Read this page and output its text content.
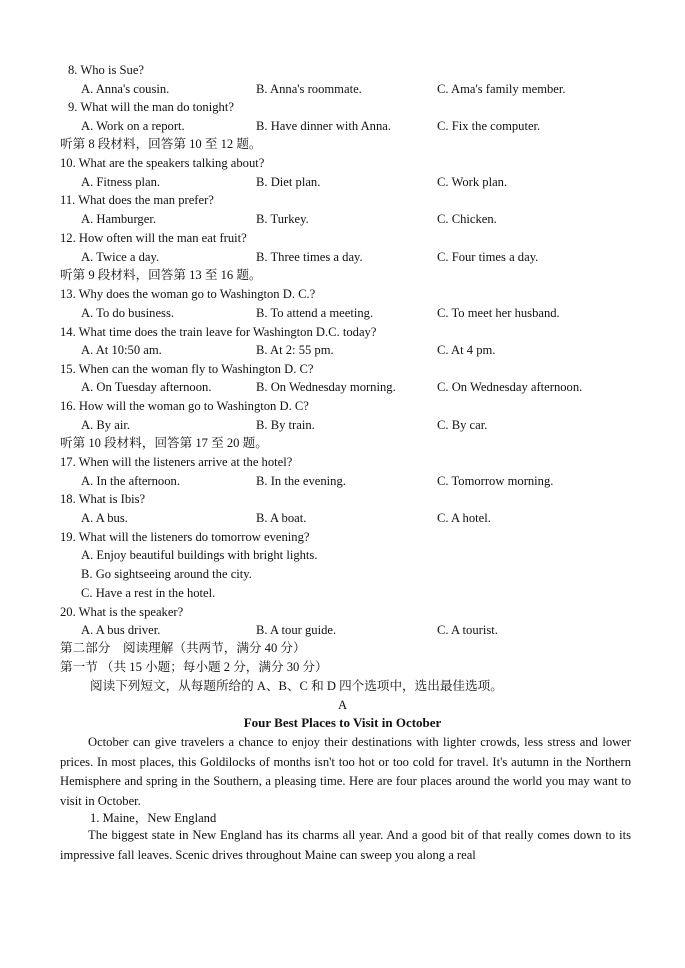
8. Who is Sue?
A. Anna's cousin.	B. Anna's roommate.	C. Ama's family member.
9. What will the man do tonight?
A. Work on a report.	B. Have dinner with Anna.	C. Fix the computer.
听第 8 段材料，回答第 10 至 12 题。
10. What are the speakers talking about?
A. Fitness plan.	B. Diet plan.	C. Work plan.
11. What does the man prefer?
A. Hamburger.	B. Turkey.	C. Chicken.
12. How often will the man eat fruit?
A. Twice a day.	B. Three times a day.	C. Four times a day.
听第 9 段材料，回答第 13 至 16 题。
13. Why does the woman go to Washington D. C.?
A. To do business.	B. To attend a meeting.	C. To meet her husband.
14. What time does the train leave for Washington D.C. today?
A. At 10:50 am.	B. At 2: 55 pm.	C. At 4 pm.
15. When can the woman fly to Washington D. C?
A. On Tuesday afternoon.	B. On Wednesday morning.	C. On Wednesday afternoon.
16. How will the woman go to Washington D. C?
A. By air.	B. By train.	C. By car.
听第 10 段材料，回答第 17 至 20 题。
17. When will the listeners arrive at the hotel?
A. In the afternoon.	B. In the evening.	C. Tomorrow morning.
18. What is Ibis?
A. A bus.	B. A boat.	C. A hotel.
19. What will the listeners do tomorrow evening?
A. Enjoy beautiful buildings with bright lights.
B. Go sightseeing around the city.
C. Have a rest in the hotel.
20. What is the speaker?
A. A bus driver.	B. A tour guide.	C. A tourist.
第二部分　阅读理解（共两节，满分 40 分）
第一节 （共 15 小题；每小题 2 分，满分 30 分）
阅读下列短文，从每题所给的 A、B、C 和 D 四个选项中，选出最佳选项。
A
Four Best Places to Visit in October
October can give travelers a chance to enjoy their destinations with lighter crowds, less stress and lower prices. In most places, this Goldilocks of months isn't too hot or too cold for travel. It's autumn in the Northern Hemisphere and spring in the Southern, a pleasing time. Here are four places around the world you may want to visit in October.
1. Maine，New England
The biggest state in New England has its charms all year. And a good bit of that really comes down to its impressive fall leaves. Scenic drives throughout Maine can sweep you along a real
